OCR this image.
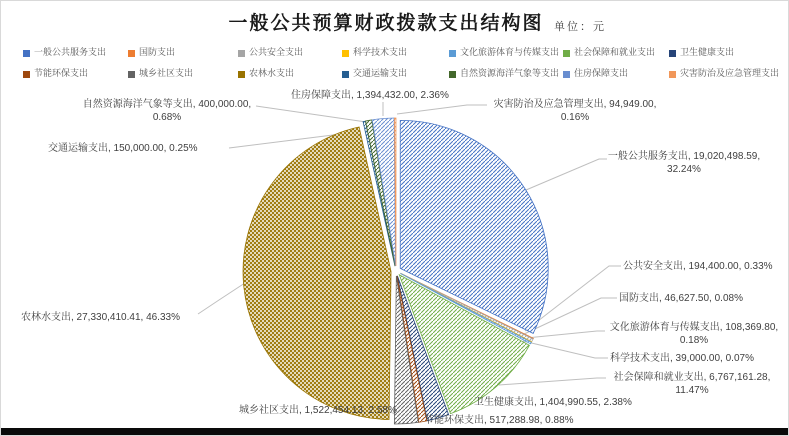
一般公共预算财政拨款支出结构图 单位：元
一般公共服务支出	国防支出	公共安全支出	科学技术支出	文化旅游体育与传媒支出	社会保障和就业支出	卫生健康支出
节能环保支出	城乡社区支出	农林水支出	交通运输支出	自然资源海洋气象等支出	住房保障支出	灾害防治及应急管理支出
一般公共服务支出, 19,020,498.59,
32.24%
公共安全支出, 194,400.00, 0.33%
国防支出, 46,627.50, 0.08%
文化旅游体育与传媒支出, 108,369.80,
0.18%
科学技术支出, 39,000.00, 0.07%
社会保障和就业支出, 6,767,161.28,
11.47%
卫生健康支出, 1,404,990.55, 2.38%
节能环保支出, 517,288.98, 0.88%
城乡社区支出, 1,522,454.13, 2.58%
农林水支出, 27,330,410.41, 46.33%
交通运输支出, 150,000.00, 0.25%
自然资源海洋气象等支出, 400,000.00,
0.68%
住房保障支出, 1,394,432.00, 2.36%
灾害防治及应急管理支出, 94,949.00,
0.16%
